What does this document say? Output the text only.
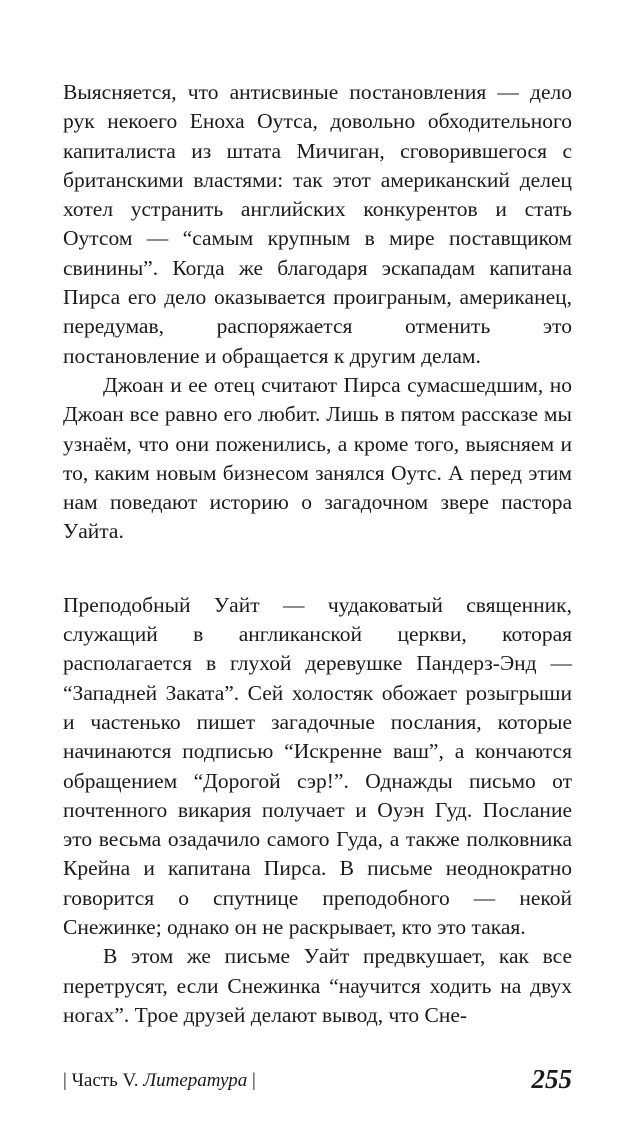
Выясняется, что антисвиные постановления — дело рук некоего Еноха Оутса, довольно обходительного капиталиста из штата Мичиган, сговорившегося с британскими властями: так этот американский делец хотел устранить английских конкурентов и стать Оутсом — “самым крупным в мире поставщиком свинины”. Когда же благодаря эскападам капитана Пирса его дело оказывается проиграным, американец, передумав, распоряжается отменить это постановление и обращается к другим делам.

Джоан и ее отец считают Пирса сумасшедшим, но Джоан все равно его любит. Лишь в пятом рассказе мы узнаём, что они поженились, а кроме того, выясняем и то, каким новым бизнесом занялся Оутс. А перед этим нам поведают историю о загадочном звере пастора Уайта.

Преподобный Уайт — чудаковатый священник, служащий в англиканской церкви, которая располагается в глухой деревушке Пандерз-Энд — “Западней Заката”. Сей холостяк обожает розыгрыши и частенько пишет загадочные послания, которые начинаются подписью “Искренне ваш”, а кончаются обращением “Дорогой сэр!”. Однажды письмо от почтенного викария получает и Оуэн Гуд. Послание это весьма озадачило самого Гуда, а также полковника Крейна и капитана Пирса. В письме неоднократно говорится о спутнице преподобного — некой Снежинке; однако он не раскрывает, кто это такая.

В этом же письме Уайт предвкушает, как все перетрусят, если Снежинка “научится ходить на двух ногах”. Трое друзей делают вывод, что Сне-

| Часть V. Литература |	255
